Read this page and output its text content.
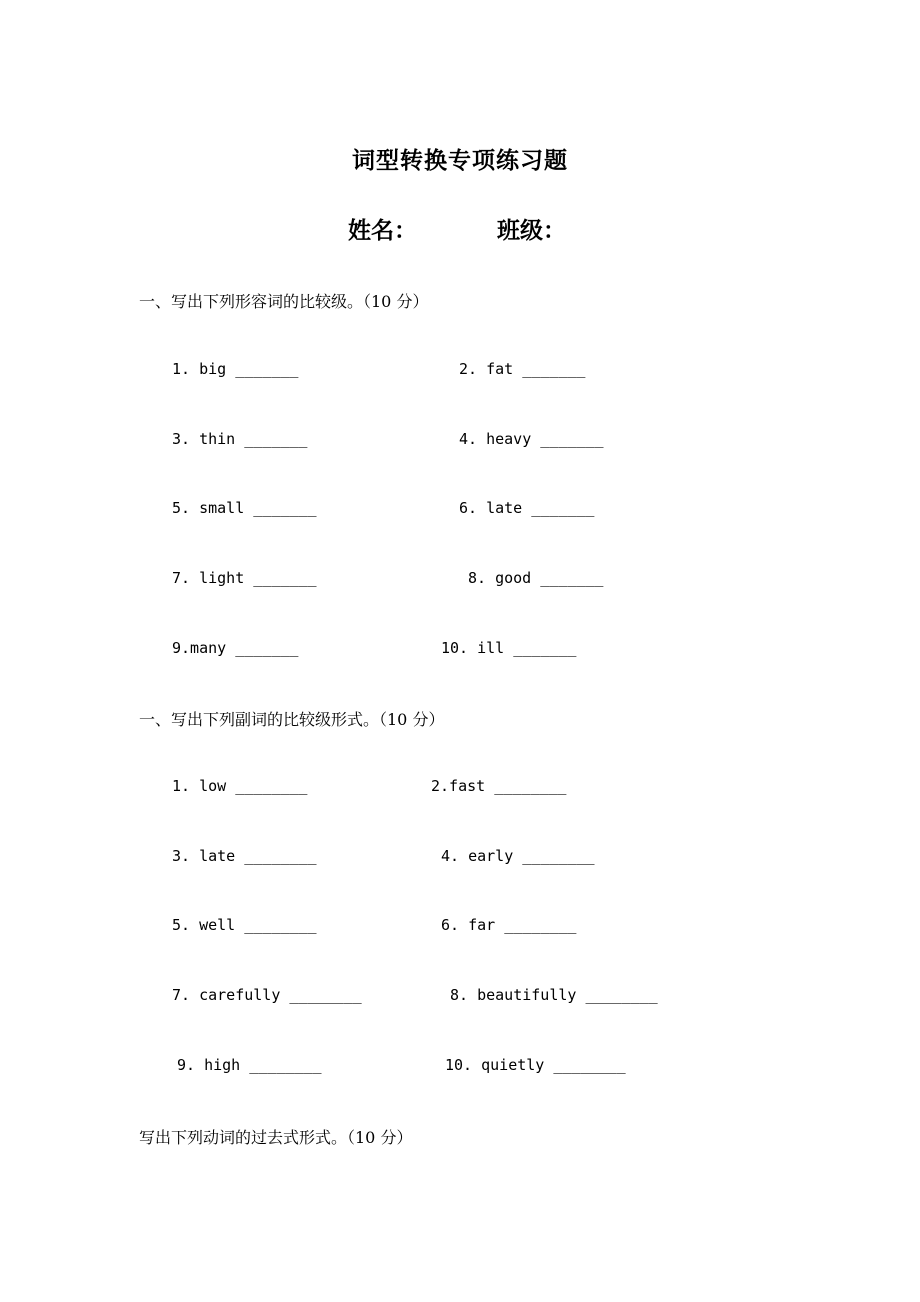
词型转换专项练习题
姓名：	班级：
一、写出下列形容词的比较级。（10 分）
1. big _______	2. fat _______
3. thin _______	4. heavy _______
5. small _______	6. late _______
7. light _______	8. good _______
9.many _______	10. ill _______
一、写出下列副词的比较级形式。（10 分）
1. low ________	2.fast ________
3. late ________	4. early ________
5. well ________	6. far ________
7. carefully ________	8. beautifully ________
9. high ________	10. quietly ________
写出下列动词的过去式形式。（10 分）
